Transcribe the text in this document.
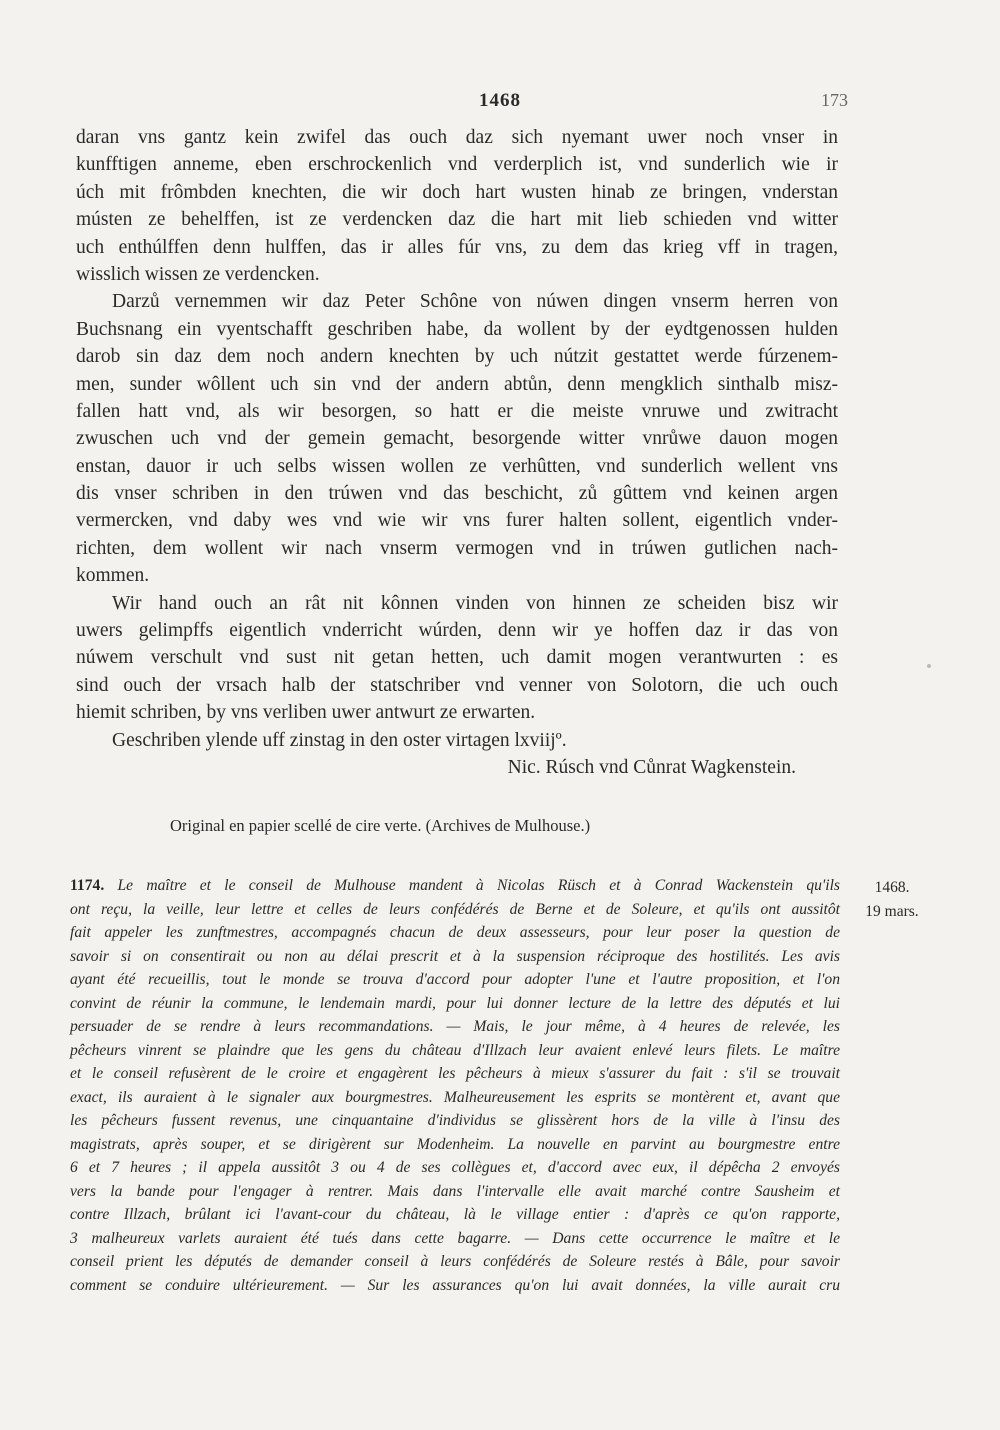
1468	173
daran vns gantz kein zwifel das ouch daz sich nyemant uwer noch vnser in
kunfftigen anneme, eben erschrockenlich vnd verderplich ist, vnd sunderlich wie ir
úch mit frômbden knechten, die wir doch hart wusten hinab ze bringen, vnderstan
músten ze behelffen, ist ze verdencken daz die hart mit lieb schieden vnd witter
uch enthúlffen denn hulffen, das ir alles fúr vns, zu dem das krieg vff in tragen,
wisslich wissen ze verdencken.
Darzů vernemmen wir daz Peter Schône von núwen dingen vnserm herren von
Buchsnang ein vyentschafft geschriben habe, da wollent by der eydtgenossen hulden
darob sin daz dem noch andern knechten by uch nútzit gestattet werde fúrzenem-
men, sunder wôllent uch sin vnd der andern abtůn, denn mengklich sinthalb misz-
fallen hatt vnd, als wir besorgen, so hatt er die meiste vnruwe und zwitracht
zwuschen uch vnd der gemein gemacht, besorgende witter vnrůwe dauon mogen
enstan, dauor ir uch selbs wissen wollen ze verhûtten, vnd sunderlich wellent vns
dis vnser schriben in den trúwen vnd das beschicht, zů gûttem vnd keinen argen
vermercken, vnd daby wes vnd wie wir vns furer halten sollent, eigentlich vnder-
richten, dem wollent wir nach vnserm vermogen vnd in trúwen gutlichen nach-
kommen.
Wir hand ouch an rât nit kônnen vinden von hinnen ze scheiden bisz wir
uwers gelimpffs eigentlich vnderricht wúrden, denn wir ye hoffen daz ir das von
núwem verschult vnd sust nit getan hetten, uch damit mogen verantwurten : es
sind ouch der vrsach halb der statschriber vnd venner von Solotorn, die uch ouch
hiemit schriben, by vns verliben uwer antwurt ze erwarten.
Geschriben ylende uff zinstag in den oster virtagen lxviijº.
Nic. Rúsch vnd Cůnrat Wagkenstein.
Original en papier scellé de cire verte. (Archives de Mulhouse.)
1174. Le maître et le conseil de Mulhouse mandent à Nicolas Rüsch et à Conrad Wackenstein qu'ils
ont reçu, la veille, leur lettre et celles de leurs confédérés de Berne et de Soleure, et qu'ils ont aussitôt
fait appeler les zunftmestres, accompagnés chacun de deux assesseurs, pour leur poser la question de
savoir si on consentirait ou non au délai prescrit et à la suspension réciproque des hostilités. Les avis
ayant été recueillis, tout le monde se trouva d'accord pour adopter l'une et l'autre proposition, et l'on
convint de réunir la commune, le lendemain mardi, pour lui donner lecture de la lettre des députés et lui
persuader de se rendre à leurs recommandations. — Mais, le jour même, à 4 heures de relevée, les
pêcheurs vinrent se plaindre que les gens du château d'Illzach leur avaient enlevé leurs filets. Le maître
et le conseil refusèrent de le croire et engagèrent les pêcheurs à mieux s'assurer du fait : s'il se trouvait
exact, ils auraient à le signaler aux bourgmestres. Malheureusement les esprits se montèrent et, avant que
les pêcheurs fussent revenus, une cinquantaine d'individus se glissèrent hors de la ville à l'insu des
magistrats, après souper, et se dirigèrent sur Modenheim. La nouvelle en parvint au bourgmestre entre
6 et 7 heures ; il appela aussitôt 3 ou 4 de ses collègues et, d'accord avec eux, il dépêcha 2 envoyés
vers la bande pour l'engager à rentrer. Mais dans l'intervalle elle avait marché contre Sausheim et
contre Illzach, brûlant ici l'avant-cour du château, là le village entier : d'après ce qu'on rapporte,
3 malheureux varlets auraient été tués dans cette bagarre. — Dans cette occurrence le maître et le
conseil prient les députés de demander conseil à leurs confédérés de Soleure restés à Bâle, pour savoir
comment se conduire ultérieurement. — Sur les assurances qu'on lui avait données, la ville aurait cru
1468.
19 mars.
